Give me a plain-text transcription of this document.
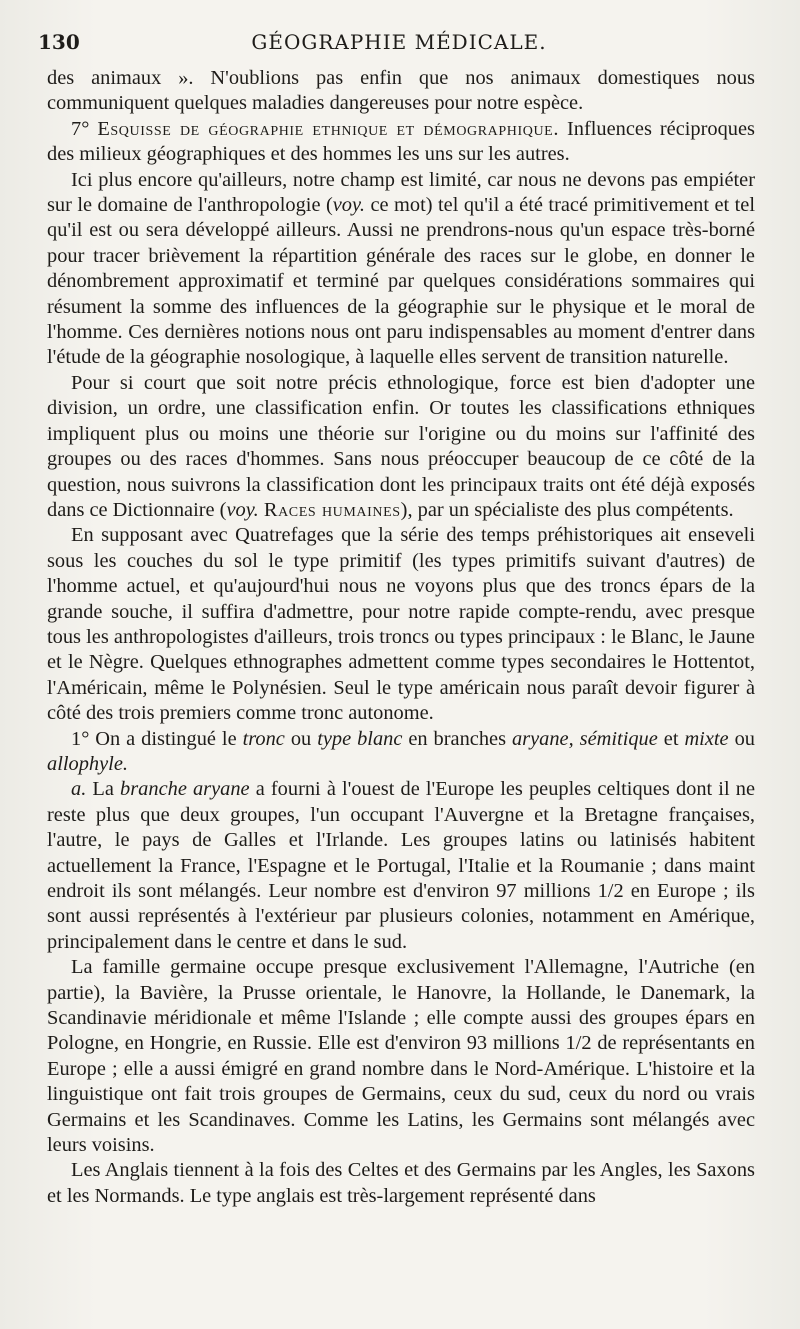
130	GÉOGRAPHIE MÉDICALE.

des animaux ». N'oublions pas enfin que nos animaux domestiques nous communiquent quelques maladies dangereuses pour notre espèce.

7° Esquisse de géographie ethnique et démographique. Influences réciproques des milieux géographiques et des hommes les uns sur les autres.

Ici plus encore qu'ailleurs, notre champ est limité, car nous ne devons pas empiéter sur le domaine de l'anthropologie (voy. ce mot) tel qu'il a été tracé primitivement et tel qu'il est ou sera développé ailleurs. Aussi ne prendrons-nous qu'un espace très-borné pour tracer brièvement la répartition générale des races sur le globe, en donner le dénombrement approximatif et terminé par quelques considérations sommaires qui résument la somme des influences de la géographie sur le physique et le moral de l'homme. Ces dernières notions nous ont paru indispensables au moment d'entrer dans l'étude de la géographie nosologique, à laquelle elles servent de transition naturelle.

Pour si court que soit notre précis ethnologique, force est bien d'adopter une division, un ordre, une classification enfin. Or toutes les classifications ethniques impliquent plus ou moins une théorie sur l'origine ou du moins sur l'affinité des groupes ou des races d'hommes. Sans nous préoccuper beaucoup de ce côté de la question, nous suivrons la classification dont les principaux traits ont été déjà exposés dans ce Dictionnaire (voy. Races humaines), par un spécialiste des plus compétents.

En supposant avec Quatrefages que la série des temps préhistoriques ait enseveli sous les couches du sol le type primitif (les types primitifs suivant d'autres) de l'homme actuel, et qu'aujourd'hui nous ne voyons plus que des troncs épars de la grande souche, il suffira d'admettre, pour notre rapide compte-rendu, avec presque tous les anthropologistes d'ailleurs, trois troncs ou types principaux : le Blanc, le Jaune et le Nègre. Quelques ethnographes admettent comme types secondaires le Hottentot, l'Américain, même le Polynésien. Seul le type américain nous paraît devoir figurer à côté des trois premiers comme tronc autonome.

1° On a distingué le tronc ou type blanc en branches aryane, sémitique et mixte ou allophyle.

a. La branche aryane a fourni à l'ouest de l'Europe les peuples celtiques dont il ne reste plus que deux groupes, l'un occupant l'Auvergne et la Bretagne françaises, l'autre, le pays de Galles et l'Irlande. Les groupes latins ou latinisés habitent actuellement la France, l'Espagne et le Portugal, l'Italie et la Roumanie ; dans maint endroit ils sont mélangés. Leur nombre est d'environ 97 millions 1/2 en Europe ; ils sont aussi représentés à l'extérieur par plusieurs colonies, notamment en Amérique, principalement dans le centre et dans le sud.

La famille germaine occupe presque exclusivement l'Allemagne, l'Autriche (en partie), la Bavière, la Prusse orientale, le Hanovre, la Hollande, le Danemark, la Scandinavie méridionale et même l'Islande ; elle compte aussi des groupes épars en Pologne, en Hongrie, en Russie. Elle est d'environ 93 millions 1/2 de représentants en Europe ; elle a aussi émigré en grand nombre dans le Nord-Amérique. L'histoire et la linguistique ont fait trois groupes de Germains, ceux du sud, ceux du nord ou vrais Germains et les Scandinaves. Comme les Latins, les Germains sont mélangés avec leurs voisins.

Les Anglais tiennent à la fois des Celtes et des Germains par les Angles, les Saxons et les Normands. Le type anglais est très-largement représenté dans
